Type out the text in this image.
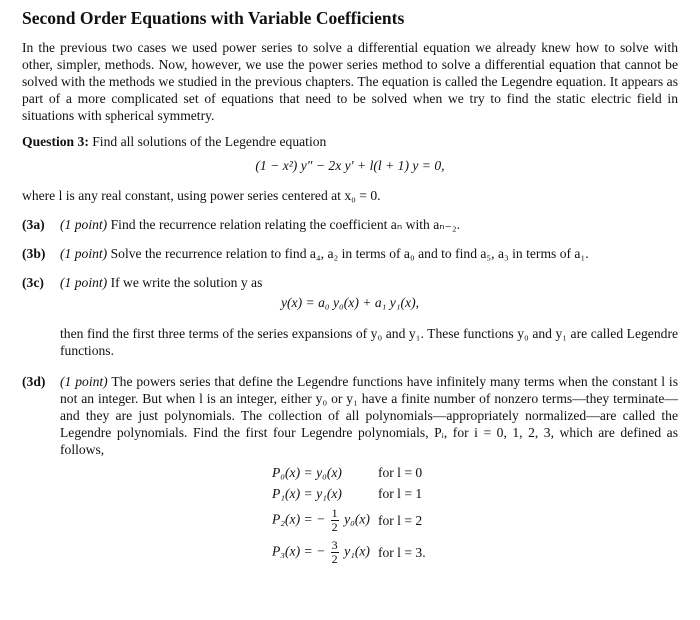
Second Order Equations with Variable Coefficients

In the previous two cases we used power series to solve a differential equation we already knew how to solve with other, simpler, methods. Now, however, we use the power series method to solve a differential equation that cannot be solved with the methods we studied in the previous chapters. The equation is called the Legendre equation. It appears as part of a more complicated set of equations that need to be solved when we try to find the static electric field in situations with spherical symmetry.

Question 3: Find all solutions of the Legendre equation
(1 − x²) y″ − 2x y′ + l(l + 1) y = 0,
where l is any real constant, using power series centered at x₀ = 0.
(3a) (1 point) Find the recurrence relation relating the coefficient aₙ with aₙ₋₂.
(3b) (1 point) Solve the recurrence relation to find a₄, a₂ in terms of a₀ and to find a₅, a₃ in terms of a₁.
(3c) (1 point) If we write the solution y as
y(x) = a₀ y₀(x) + a₁ y₁(x),

then find the first three terms of the series expansions of y₀ and y₁. These functions y₀ and y₁ are called Legendre functions.

(3d) (1 point) The powers series that define the Legendre functions have infinitely many terms when the constant l is not an integer. But when l is an integer, either y₀ or y₁ have a finite number of nonzero terms—they terminate—and they are just polynomials. The collection of all polynomials—appropriately normalized—are called the Legendre polynomials. Find the first four Legendre polynomials, Pᵢ, for i = 0, 1, 2, 3, which are defined as follows,
P₀(x) = y₀(x)	for l = 0
P₁(x) = y₁(x)	for l = 1
P₂(x) = − $\frac{1}{2} y_0(x)$	for l = 2
P₃(x) = − $\frac{3}{2} y_1(x)$	for l = 3.
